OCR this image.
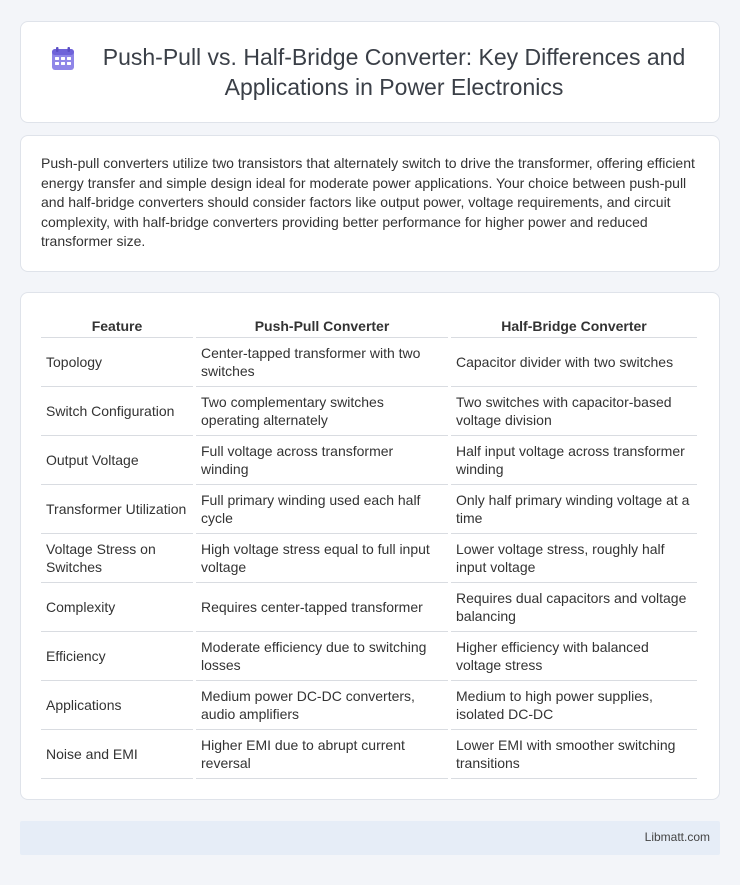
Push-Pull vs. Half-Bridge Converter: Key Differences and Applications in Power Electronics

Push-pull converters utilize two transistors that alternately switch to drive the transformer, offering efficient energy transfer and simple design ideal for moderate power applications. Your choice between push-pull and half-bridge converters should consider factors like output power, voltage requirements, and circuit complexity, with half-bridge converters providing better performance for higher power and reduced transformer size.

Feature	Push-Pull Converter	Half-Bridge Converter
Topology	Center-tapped transformer with two switches	Capacitor divider with two switches
Switch Configuration	Two complementary switches operating alternately	Two switches with capacitor-based voltage division
Output Voltage	Full voltage across transformer winding	Half input voltage across transformer winding
Transformer Utilization	Full primary winding used each half cycle	Only half primary winding voltage at a time
Voltage Stress on Switches	High voltage stress equal to full input voltage	Lower voltage stress, roughly half input voltage
Complexity	Requires center-tapped transformer	Requires dual capacitors and voltage balancing
Efficiency	Moderate efficiency due to switching losses	Higher efficiency with balanced voltage stress
Applications	Medium power DC-DC converters, audio amplifiers	Medium to high power supplies, isolated DC-DC
Noise and EMI	Higher EMI due to abrupt current reversal	Lower EMI with smoother switching transitions
Libmatt.com
